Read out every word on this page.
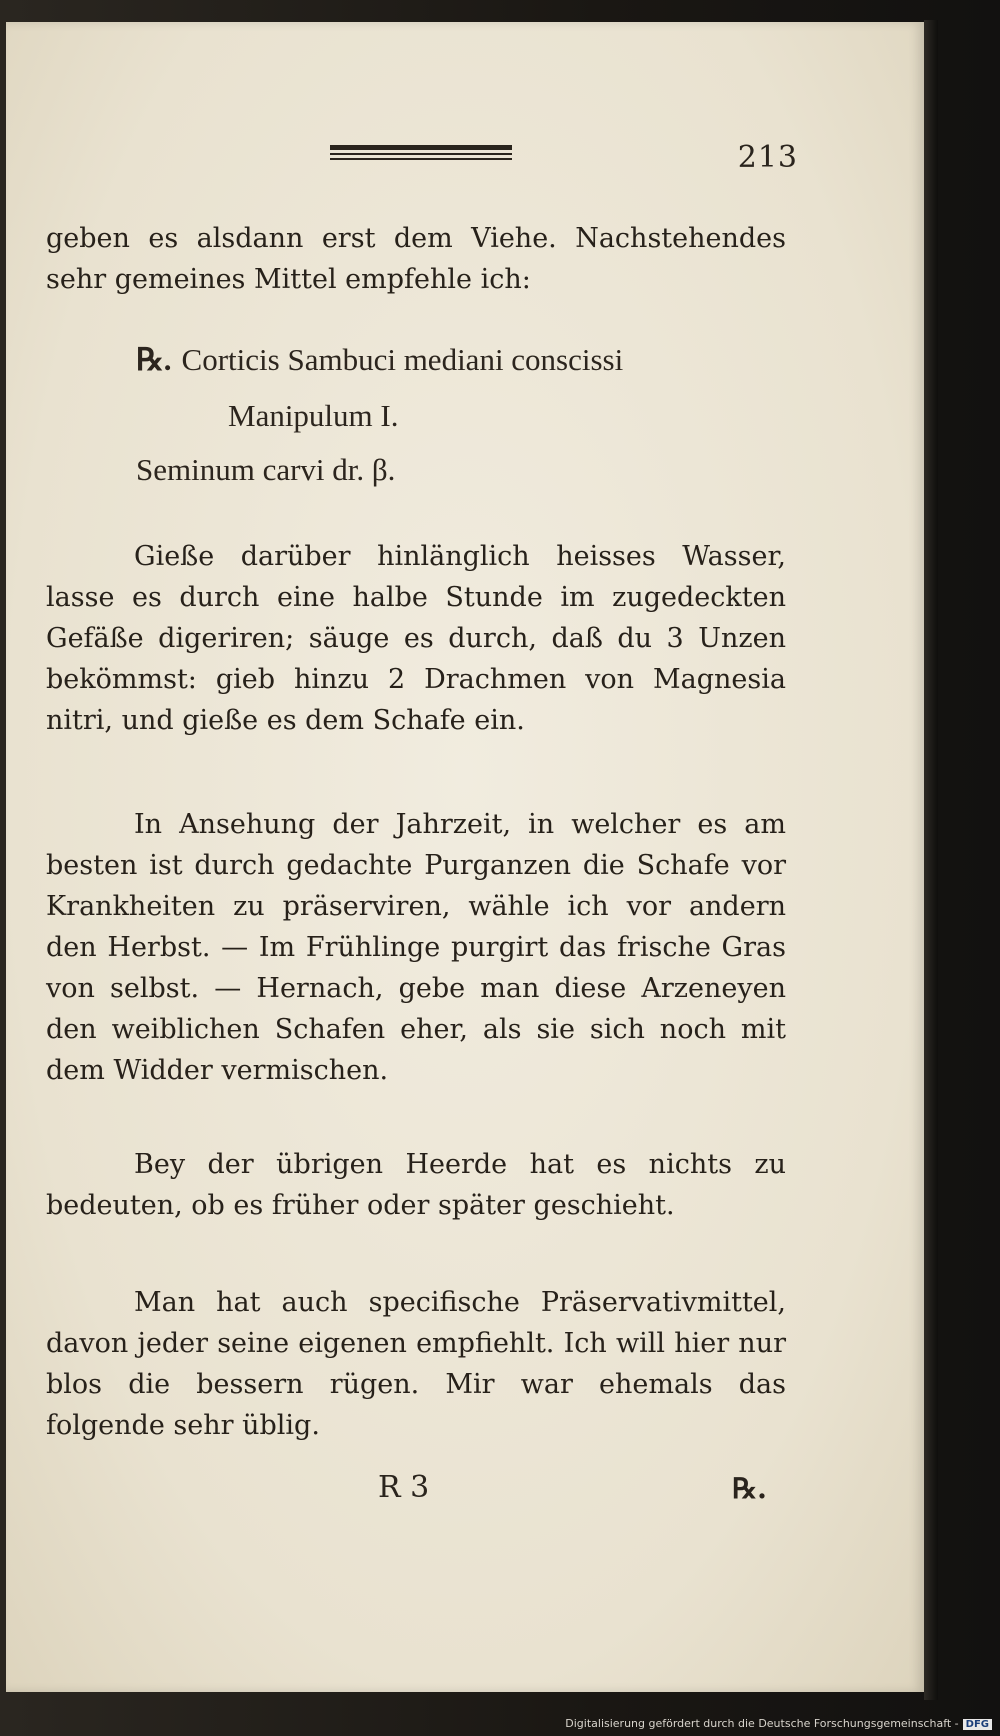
213

geben es alsdann erst dem Viehe. Nachstehendes sehr gemeines Mittel empfehle ich:

℞. Corticis Sambuci mediani conscissi
Manipulum I.
Seminum carvi dr. β.

Gieße darüber hinlänglich heisses Wasser, lasse es durch eine halbe Stunde im zugedeckten Gefäße digeriren; säuge es durch, daß du 3 Unzen bekömmst: gieb hinzu 2 Drachmen von Magnesia nitri, und gieße es dem Schafe ein.

In Ansehung der Jahrzeit, in welcher es am besten ist durch gedachte Purganzen die Schafe vor Krankheiten zu präserviren, wähle ich vor andern den Herbst. — Im Frühlinge purgirt das frische Gras von selbst. — Hernach, gebe man diese Arzeneyen den weiblichen Schafen eher, als sie sich noch mit dem Widder vermischen.

Bey der übrigen Heerde hat es nichts zu bedeuten, ob es früher oder später geschieht.

Man hat auch specifische Präservativmittel, davon jeder seine eigenen empfiehlt. Ich will hier nur blos die bessern rügen. Mir war ehemals das folgende sehr üblig.

R 3	℞.
Digitalisierung gefördert durch die Deutsche Forschungsgemeinschaft - DFG
